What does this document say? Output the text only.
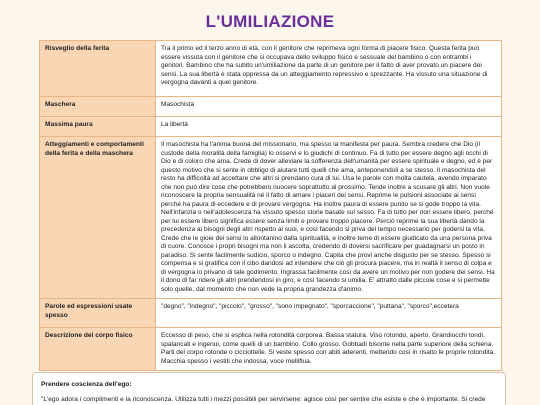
L'UMILIAZIONE
Risveglio della ferita	Tra il primo ed il terzo anno di età, con il genitore che reprimeva ogni forma di piacere fisico. Questa ferita può essere vissuta con il genitore che si occupava dello sviluppo fisico e sessuale del bambino o con entrambi i genitori. Bambino che ha subito un'umiliazione da parte di un genitore per il fatto di aver provato un piacere dei sensi. La sua libertà è stata oppressa da un atteggiamento repressivo e sprezzante. Ha vissuto una situazione di vergogna davanti a quel genitore.
Maschera	Masochista
Massima paura	La libertà
Atteggiamenti e comportamenti della ferita e della maschera	Il masochista ha l'anima buona del missionario, ma spesso la manifesta per paura. Sembra credere che Dio (il custode della moralità della famiglia) lo osservi e lo giudichi di continuo. Fa di tutto per essere degno agli occhi di Dio e di coloro che ama. Crede di dover alleviare la sofferenza dell'umanità per essere spirituale e degno, ed è per questo motivo che si sente in obbligo di aiutare tutti quelli che ama, anteponendoli a se stesso. Il masochista del resto ha difficoltà ad accettare che altri si prendano cura di lui. Usa le parole con molta cautela, avendo imparato che non può dire cose che potrebbero nuocere soprattutto al prossimo. Tende inoltre a scusare gli altri. Non vuole riconoscere la propria sensualità né il fatto di amare i piaceri dei sensi. Reprime le pulsioni associate ai sensi perché ha paura di eccedere e di provare vergogna. Ha inoltre paura di essere punito se si gode troppo la vita. Nell'infanzia o nell'adolescenza ha vissuto spesso storie basate sul sesso. Fa di tutto per non essere libero, perché per lui essere libero significa essere senza limiti e provare troppo piacere. Perciò reprime la sua libertà dando la precedenza ai bisogni degli altri rispetto ai suoi, e così facendo si priva del tempo necessario per godersi la vita. Crede che le gioie dei sensi lo allontanino dalla spiritualità, e inoltre teme di essere giudicato da una persona priva di cuore. Conosce i propri bisogni ma non li ascolta, credendo di doversi sacrificare per guadagnarsi un posto in paradiso. Si sente facilmente sudicio, sporco o indegno. Capita che provi anche disgusto per se stesso. Spesso si compensa e si gratifica con il cibo dandosi ad intendere che ciò gli procura piacere, ma in realtà il senso di colpa e di vergogna lo privano di tale godimento. Ingrassa facilmente così da avere un motivo per non godere dei sensi. Ha il dono di far ridere gli altri prendendosi in giro, e così facendo si umilia. E' attratto dalle piccole cose e si permette solo quelle, dal momento che non vede la propria grandezza d'animo.
Parole ed espressioni usate spesso	"degno", "indegno", "piccolo", "grosso", "sono impegnato", "sporcaccione", "puttana", "sporco",eccetera
Descrizione del corpo fisico	Eccesso di peso, che si esplica nella rotondità corporea. Bassa statura. Viso rotondo, aperto. Grandiocchi tondi, spalancati e ingenui, come quelli di un bambino. Collo grosso. Gobbadi bisonte nella parte superiore della schiena. Parti del corpo rotonde o cicciottelle. Si veste spesso con abiti aderenti, mettendo così in risalto le proprie rotondità. Macchia spesso i vestiti che indossa, voce melliflua.
Prendere coscienza dell'ego:
"L'ego adora i complimenti e la riconoscenza. Utilizza tutti i mezzi possibili per servirsene: agisce così per sentire che esiste e che è importante. Si crede
